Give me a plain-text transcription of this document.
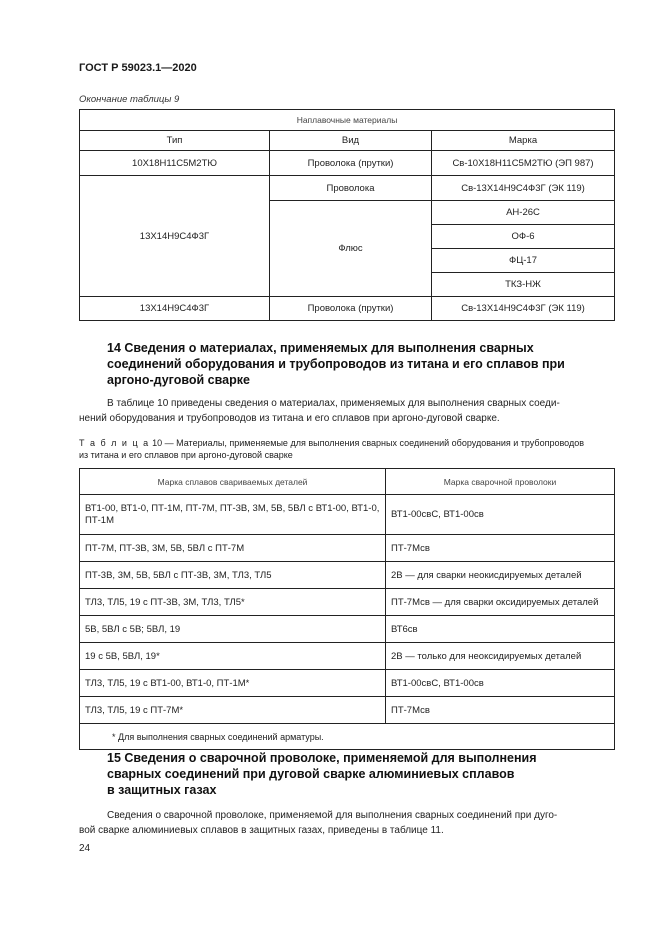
ГОСТ Р 59023.1—2020
Окончание таблицы 9
Наплавочные материалы		
Тип	Вид	Марка
10Х18Н11С5М2ТЮ	Проволока (прутки)	Св-10Х18Н11С5М2ТЮ (ЭП 987)
13Х14Н9С4Ф3Г	Проволока	Св-13Х14Н9С4Ф3Г (ЭК 119)
	Флюс	АН-26С
		ОФ-6
		ФЦ-17
		ТКЗ-НЖ
13Х14Н9С4Ф3Г	Проволока (прутки)	Св-13Х14Н9С4Ф3Г (ЭК 119)
14 Сведения о материалах, применяемых для выполнения сварных
соединений оборудования и трубопроводов из титана и его сплавов при
аргоно-дуговой сварке
В таблице 10 приведены сведения о материалах, применяемых для выполнения сварных соеди-
нений оборудования и трубопроводов из титана и его сплавов при аргоно-дуговой сварке.
Т а б л и ц а 10 — Материалы, применяемые для выполнения сварных соединений оборудования и трубопроводов
из титана и его сплавов при аргоно-дуговой сварке
Марка сплавов свариваемых деталей	Марка сварочной проволоки
ВТ1-00, ВТ1-0, ПТ-1М, ПТ-7М, ПТ-3В, 3М, 5В, 5ВЛ с ВТ1-00, ВТ1-0, ПТ-1М	ВТ1-00свС, ВТ1-00св
ПТ-7М, ПТ-3В, 3М, 5В, 5ВЛ с ПТ-7М	ПТ-7Мсв
ПТ-3В, 3М, 5В, 5ВЛ с ПТ-3В, 3М, ТЛ3, ТЛ5	2В — для сварки неокисдируемых деталей
ТЛ3, ТЛ5, 19 с ПТ-3В, 3М, ТЛ3, ТЛ5*	ПТ-7Мсв — для сварки оксидируемых деталей
5В, 5ВЛ с 5В; 5ВЛ, 19	ВТ6св
19 с 5В, 5ВЛ, 19*	2В — только для неоксидируемых деталей
ТЛ3, ТЛ5, 19 с ВТ1-00, ВТ1-0, ПТ-1М*	ВТ1-00свС, ВТ1-00св
ТЛ3, ТЛ5, 19 с ПТ-7М*	ПТ-7Мсв
* Для выполнения сварных соединений арматуры.	
15 Сведения о сварочной проволоке, применяемой для выполнения
сварных соединений при дуговой сварке алюминиевых сплавов
в защитных газах
Сведения о сварочной проволоке, применяемой для выполнения сварных соединений при дуго-
вой сварке алюминиевых сплавов в защитных газах, приведены в таблице 11.
24
